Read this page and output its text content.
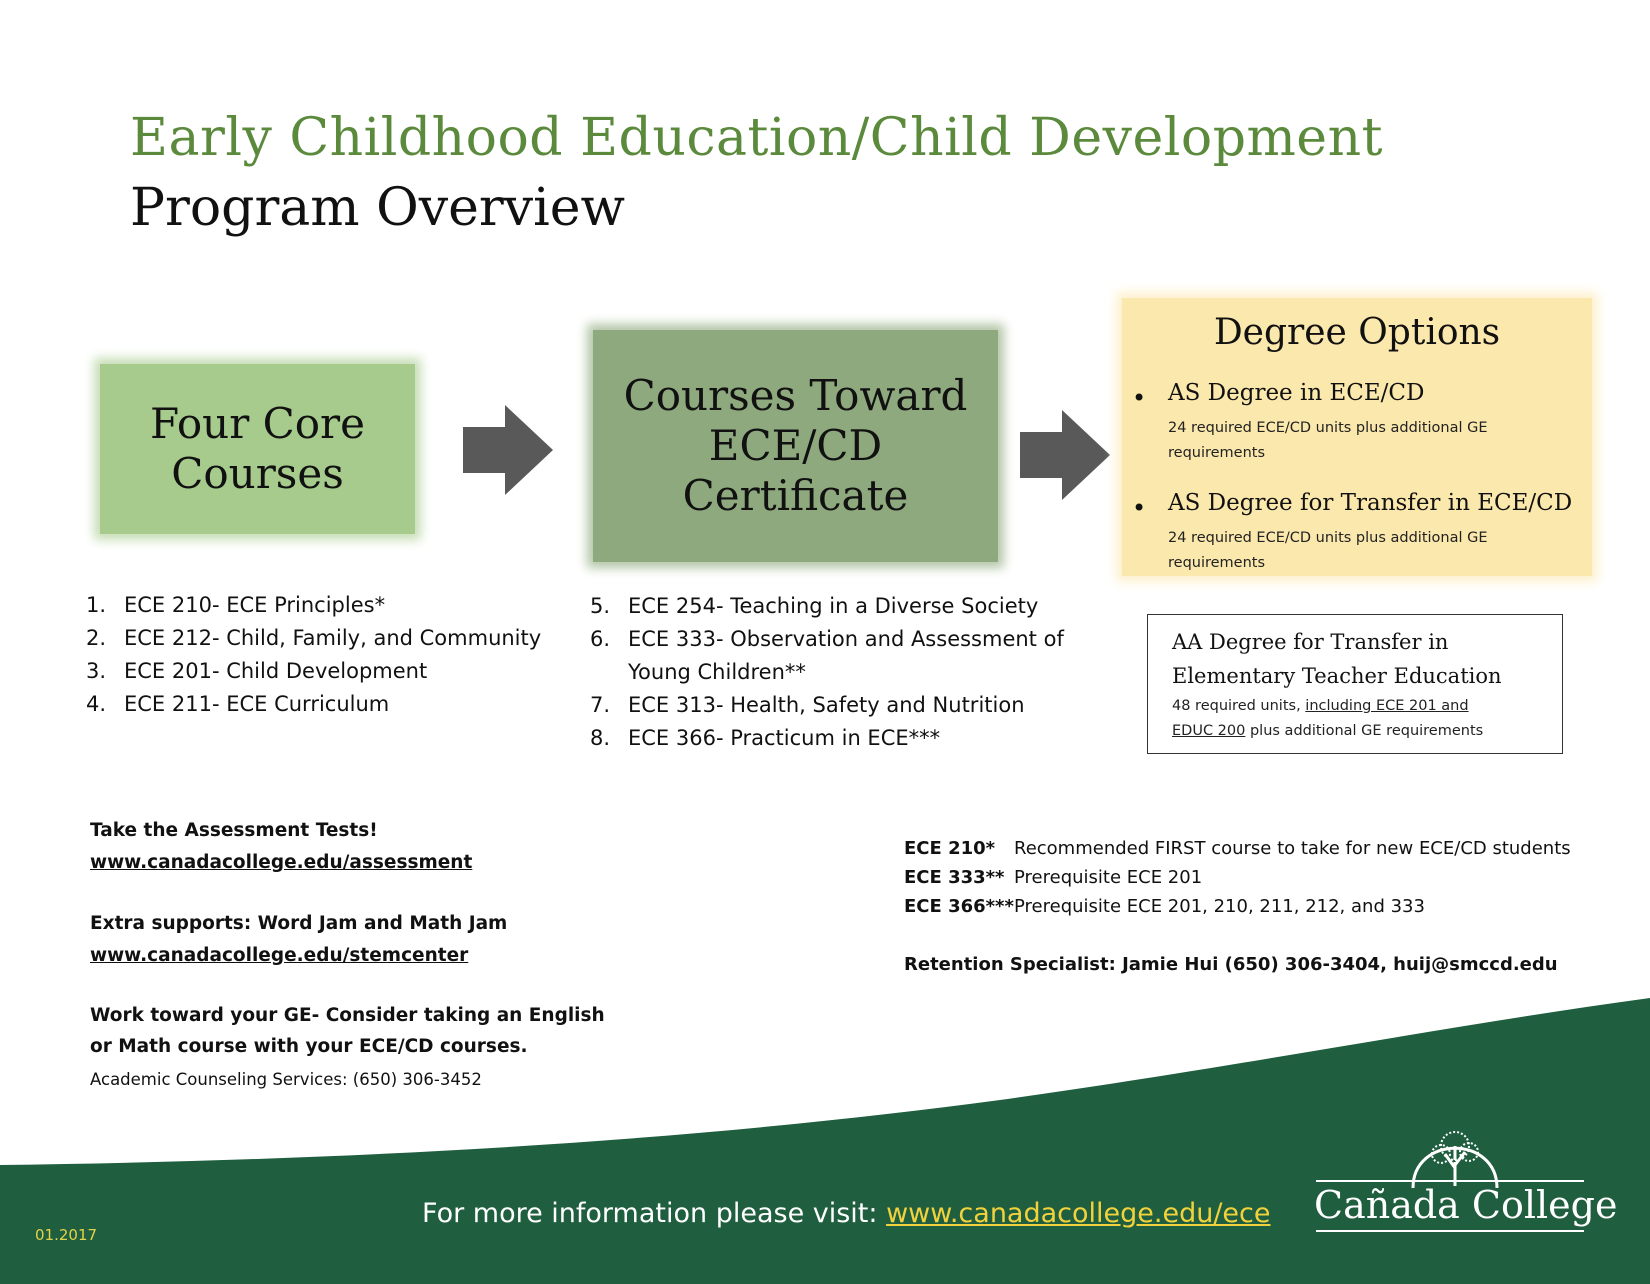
Early Childhood Education/Child Development
Program Overview
Four Core
Courses
Courses Toward
ECE/CD
Certificate
Degree Options
• AS Degree in ECE/CD
24 required ECE/CD units plus additional GE requirements
• AS Degree for Transfer in ECE/CD
24 required ECE/CD units plus additional GE requirements
1. ECE 210- ECE Principles*
2. ECE 212- Child, Family, and Community
3. ECE 201- Child Development
4. ECE 211- ECE Curriculum
5. ECE 254- Teaching in a Diverse Society
6. ECE 333- Observation and Assessment of
Young Children**
7. ECE 313- Health, Safety and Nutrition
8. ECE 366- Practicum in ECE***
AA Degree for Transfer in
Elementary Teacher Education
48 required units, including ECE 201 and
EDUC 200 plus additional GE requirements
Take the Assessment Tests!
www.canadacollege.edu/assessment
Extra supports: Word Jam and Math Jam
www.canadacollege.edu/stemcenter
Work toward your GE- Consider taking an English
or Math course with your ECE/CD courses.
Academic Counseling Services: (650) 306-3452
ECE 210* Recommended FIRST course to take for new ECE/CD students
ECE 333** Prerequisite ECE 201
ECE 366*** Prerequisite ECE 201, 210, 211, 212, and 333
Retention Specialist: Jamie Hui (650) 306-3404, huij@smccd.edu
For more information please visit: www.canadacollege.edu/ece
01.2017
Cañada College
